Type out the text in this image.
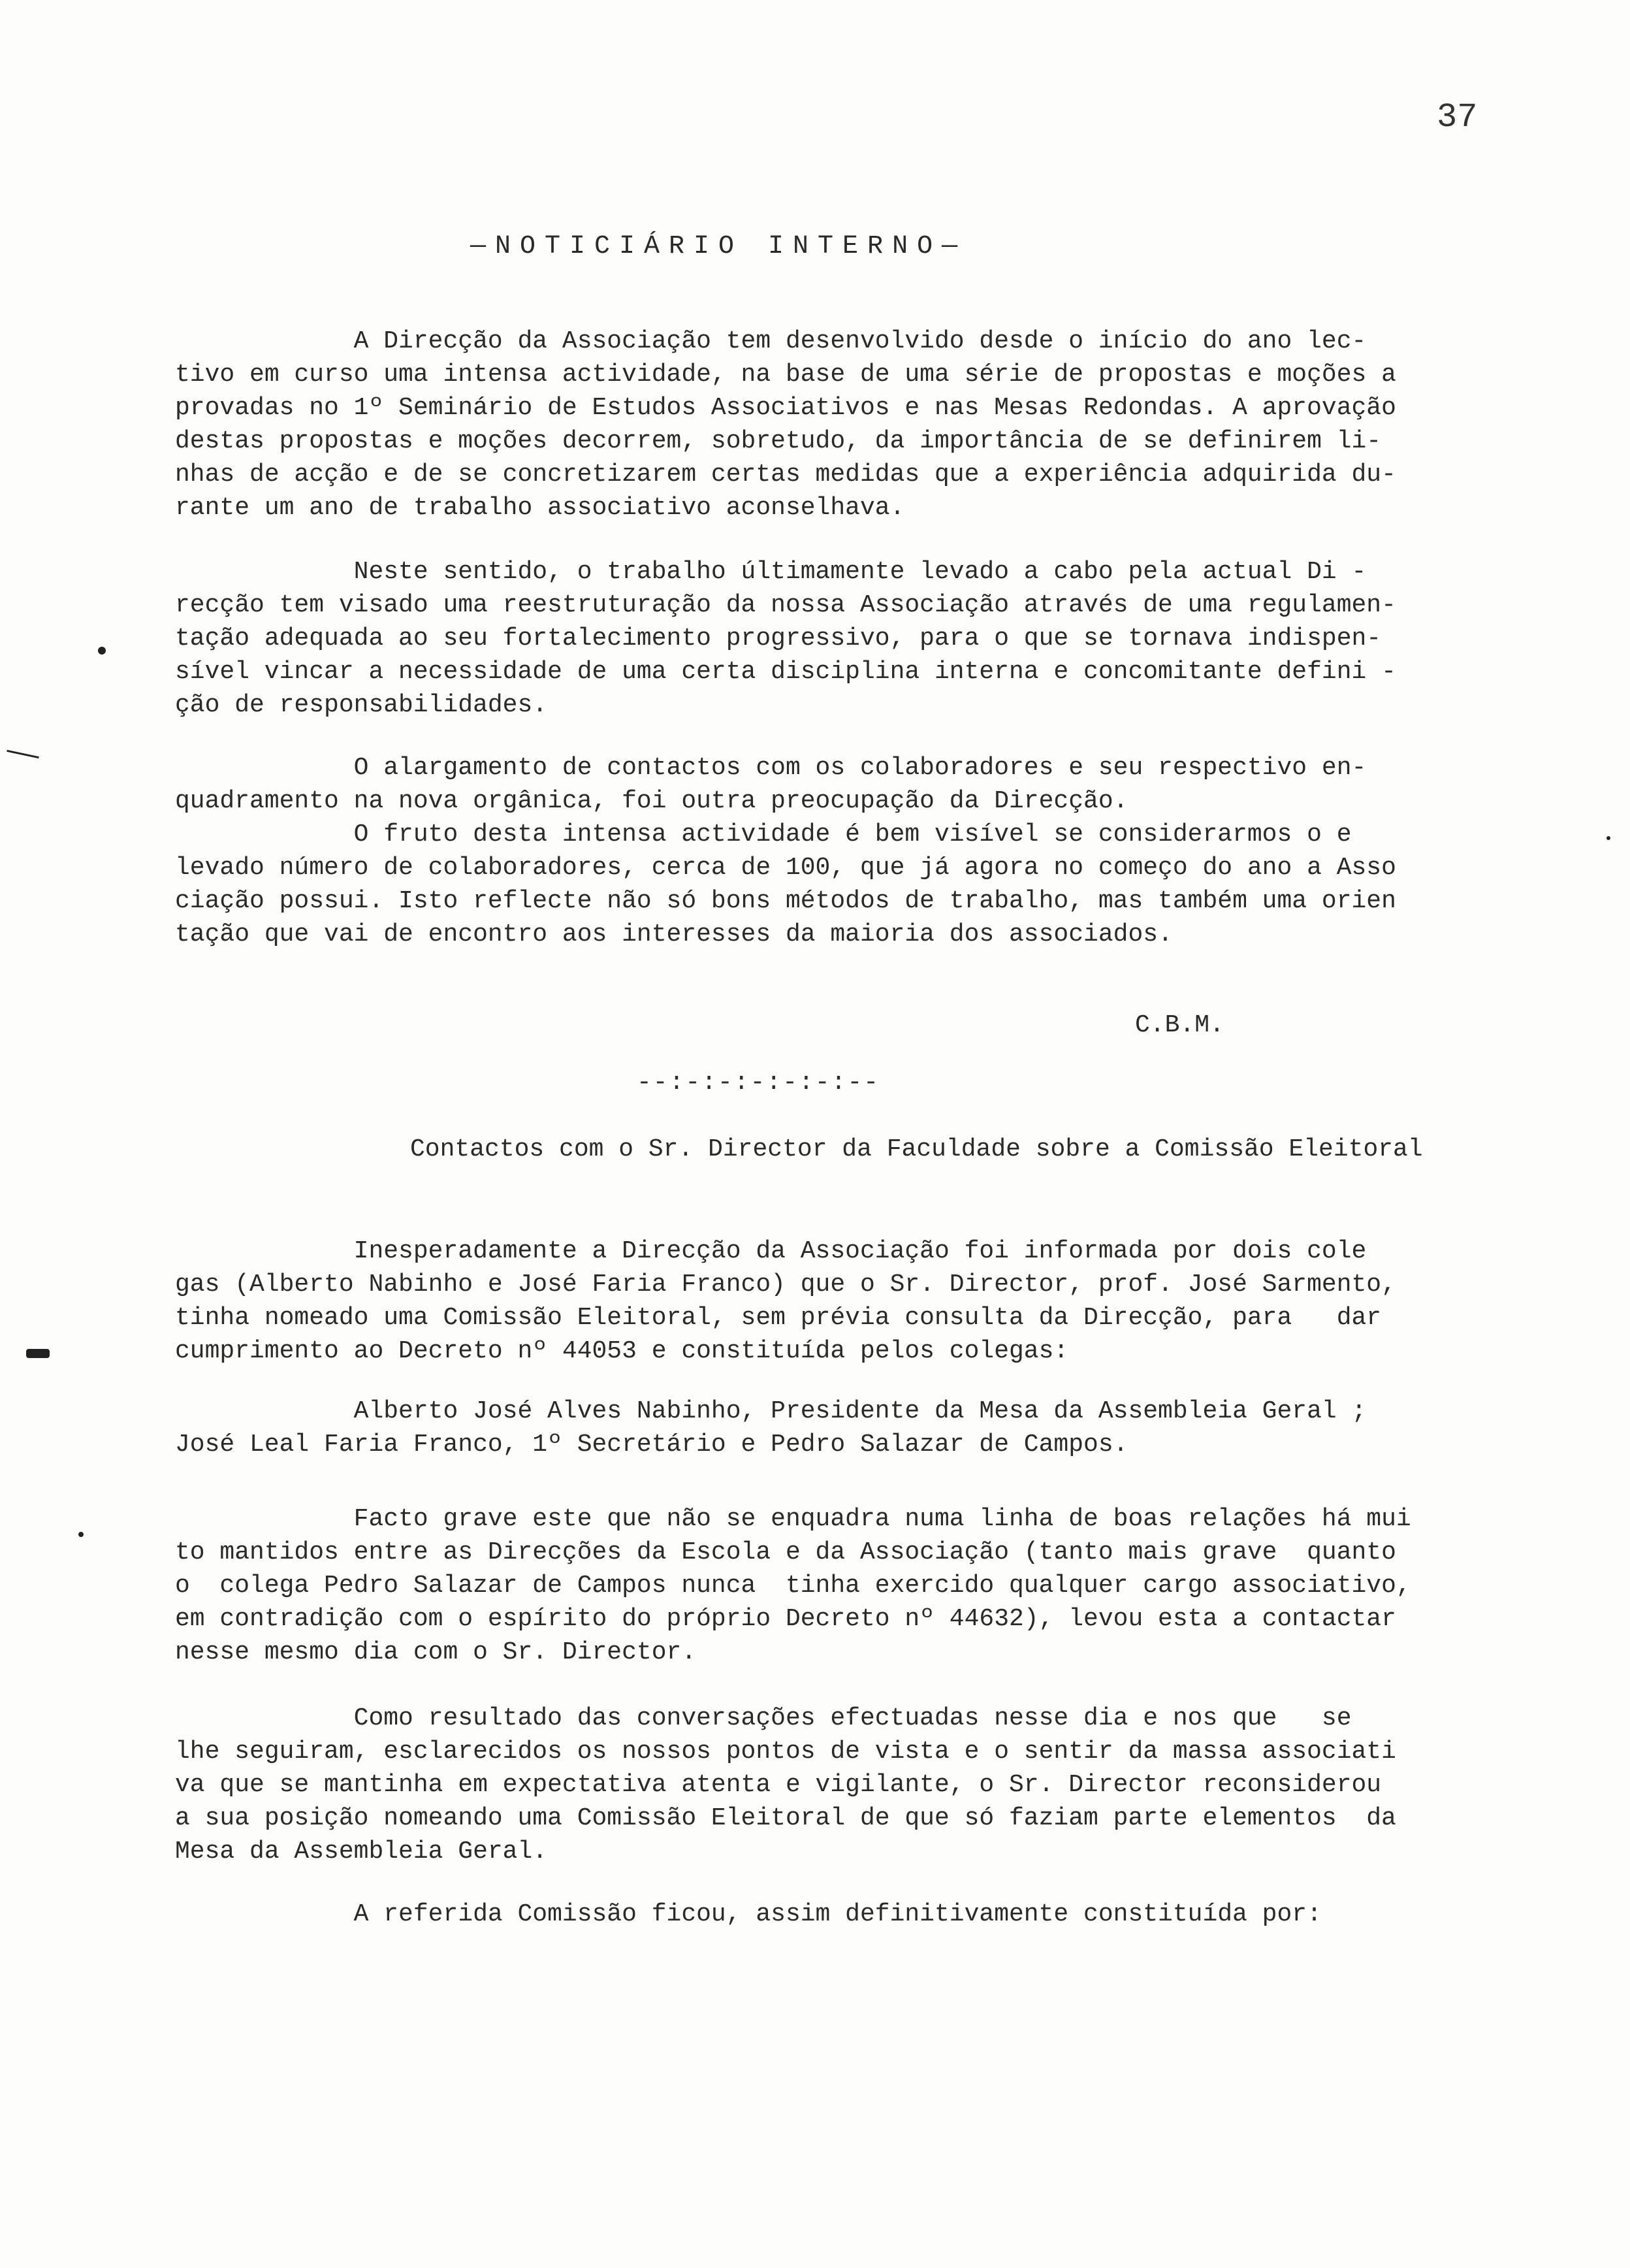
37
—NOTICIÁRIO INTERNO—
A Direcção da Associação tem desenvolvido desde o início do ano lec-
tivo em curso uma intensa actividade, na base de uma série de propostas e moções a
provadas no 1º Seminário de Estudos Associativos e nas Mesas Redondas. A aprovação
destas propostas e moções decorrem, sobretudo, da importância de se definirem li-
nhas de acção e de se concretizarem certas medidas que a experiência adquirida du-
rante um ano de trabalho associativo aconselhava.
Neste sentido, o trabalho últimamente levado a cabo pela actual Di -
recção tem visado uma reestruturação da nossa Associação através de uma regulamen-
tação adequada ao seu fortalecimento progressivo, para o que se tornava indispen-
sível vincar a necessidade de uma certa disciplina interna e concomitante defini -
ção de responsabilidades.
O alargamento de contactos com os colaboradores e seu respectivo en-
quadramento na nova orgânica, foi outra preocupação da Direcção.
O fruto desta intensa actividade é bem visível se considerarmos o e
levado número de colaboradores, cerca de 100, que já agora no começo do ano a Asso
ciação possui. Isto reflecte não só bons métodos de trabalho, mas também uma orien
tação que vai de encontro aos interesses da maioria dos associados.
C.B.M.
--:-:-:-:-:-:--
Contactos com o Sr. Director da Faculdade sobre a Comissão Eleitoral
Inesperadamente a Direcção da Associação foi informada por dois cole
gas (Alberto Nabinho e José Faria Franco) que o Sr. Director, prof. José Sarmento,
tinha nomeado uma Comissão Eleitoral, sem prévia consulta da Direcção, para   dar
cumprimento ao Decreto nº 44053 e constituída pelos colegas:
Alberto José Alves Nabinho, Presidente da Mesa da Assembleia Geral ;
José Leal Faria Franco, 1º Secretário e Pedro Salazar de Campos.
Facto grave este que não se enquadra numa linha de boas relações há mui
to mantidos entre as Direcções da Escola e da Associação (tanto mais grave  quanto
o  colega Pedro Salazar de Campos nunca  tinha exercido qualquer cargo associativo,
em contradição com o espírito do próprio Decreto nº 44632), levou esta a contactar
nesse mesmo dia com o Sr. Director.
Como resultado das conversações efectuadas nesse dia e nos que   se
lhe seguiram, esclarecidos os nossos pontos de vista e o sentir da massa associati
va que se mantinha em expectativa atenta e vigilante, o Sr. Director reconsiderou
a sua posição nomeando uma Comissão Eleitoral de que só faziam parte elementos  da
Mesa da Assembleia Geral.
A referida Comissão ficou, assim definitivamente constituída por:
